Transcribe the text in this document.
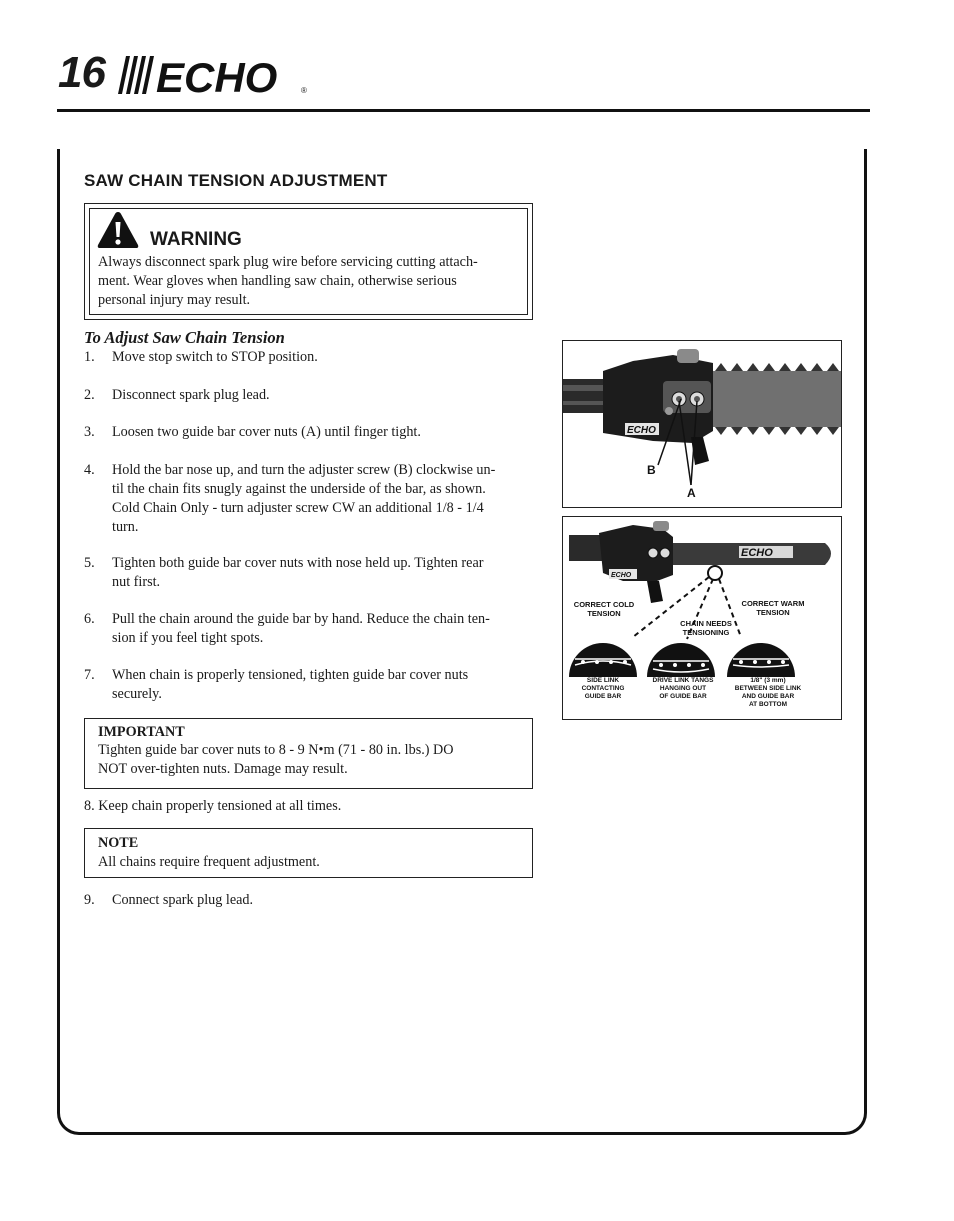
16 ECHO	®
SAW CHAIN TENSION ADJUSTMENT
WARNING
Always disconnect spark plug wire before servicing cutting attach-
ment. Wear gloves when handling saw chain, otherwise serious
personal injury may result.
To Adjust Saw Chain Tension
1. Move stop switch to STOP position.
2. Disconnect spark plug lead.
3. Loosen two guide bar cover nuts (A) until finger tight.
4. Hold the bar nose up, and turn the adjuster screw (B) clockwise un-
til the chain fits snugly against the underside of the bar, as shown.
Cold Chain Only - turn adjuster screw CW an additional 1/8 - 1/4
turn.
5. Tighten both guide bar cover nuts with nose held up. Tighten rear
nut first.
6. Pull the chain around the guide bar by hand. Reduce the chain ten-
sion if you feel tight spots.
7. When chain is properly tensioned, tighten guide bar cover nuts
securely.
IMPORTANT
Tighten guide bar cover nuts to 8 - 9 N•m (71 - 80 in. lbs.) DO
NOT over-tighten nuts. Damage may result.
8. Keep chain properly tensioned at all times.
NOTE
All chains require frequent adjustment.
9. Connect spark plug lead.
ECHO
B
A
ECHO
ECHO
CORRECT COLD
TENSION
CHAIN NEEDS
TENSIONING
CORRECT WARM
TENSION
SIDE LINK
CONTACTING
GUIDE BAR
DRIVE LINK TANGS
HANGING OUT
OF GUIDE BAR
1/8" (3 mm)
BETWEEN SIDE LINK
AND GUIDE BAR
AT BOTTOM
